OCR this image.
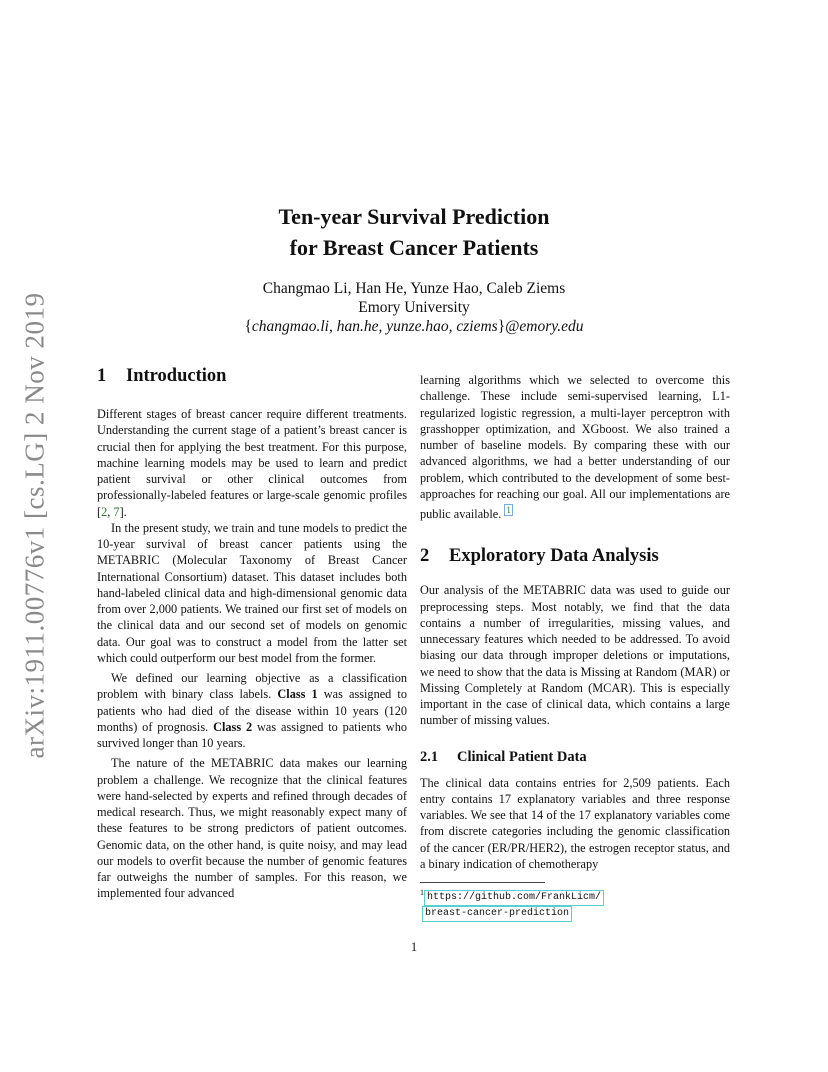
arXiv:1911.00776v1 [cs.LG] 2 Nov 2019
Ten-year Survival Prediction
for Breast Cancer Patients
Changmao Li, Han He, Yunze Hao, Caleb Ziems
Emory University
{changmao.li, han.he, yunze.hao, cziems}@emory.edu
1	Introduction

Different stages of breast cancer require different treatments. Understanding the current stage of a patient’s breast cancer is crucial then for applying the best treatment. For this purpose, machine learning models may be used to learn and predict patient survival or other clinical outcomes from professionally-labeled features or large-scale genomic profiles [2, 7].

In the present study, we train and tune models to predict the 10-year survival of breast cancer patients using the METABRIC (Molecular Taxonomy of Breast Cancer International Consortium) dataset. This dataset includes both hand-labeled clinical data and high-dimensional genomic data from over 2,000 patients. We trained our first set of models on the clinical data and our second set of models on genomic data. Our goal was to construct a model from the latter set which could outperform our best model from the former.

We defined our learning objective as a classification problem with binary class labels. Class 1 was assigned to patients who had died of the disease within 10 years (120 months) of prognosis. Class 2 was assigned to patients who survived longer than 10 years.

The nature of the METABRIC data makes our learning problem a challenge. We recognize that the clinical features were hand-selected by experts and refined through decades of medical research. Thus, we might reasonably expect many of these features to be strong predictors of patient outcomes. Genomic data, on the other hand, is quite noisy, and may lead our models to overfit because the number of genomic features far outweighs the number of samples. For this reason, we implemented four advanced

learning algorithms which we selected to overcome this challenge. These include semi-supervised learning, L1-regularized logistic regression, a multi-layer perceptron with grasshopper optimization, and XGboost. We also trained a number of baseline models. By comparing these with our advanced algorithms, we had a better understanding of our problem, which contributed to the development of some best-approaches for reaching our goal. All our implementations are public available. $^1$

2	Exploratory Data Analysis

Our analysis of the METABRIC data was used to guide our preprocessing steps. Most notably, we find that the data contains a number of irregularities, missing values, and unnecessary features which needed to be addressed. To avoid biasing our data through improper deletions or imputations, we need to show that the data is Missing at Random (MAR) or Missing Completely at Random (MCAR). This is especially important in the case of clinical data, which contains a large number of missing values.

2.1	Clinical Patient Data

The clinical data contains entries for 2,509 patients. Each entry contains 17 explanatory variables and three response variables. We see that 14 of the 17 explanatory variables come from discrete categories including the genomic classification of the cancer (ER/PR/HER2), the estrogen receptor status, and a binary indication of chemotherapy

$^1$ https://github.com/FrankLicm/
breast-cancer-prediction
1
